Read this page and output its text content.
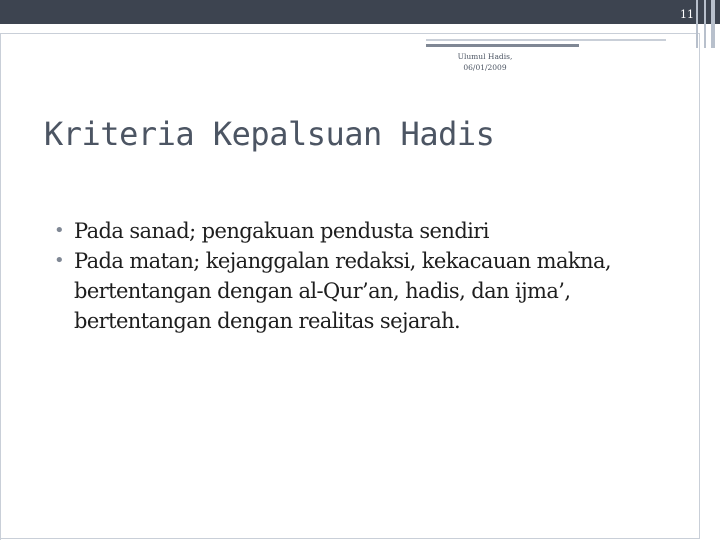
11
Ulumul Hadis,
06/01/2009
Kriteria Kepalsuan Hadis
• Pada sanad; pengakuan pendusta sendiri
• Pada matan; kejanggalan redaksi, kekacauan makna, bertentangan dengan al-Qur’an, hadis, dan ijma’, bertentangan dengan realitas sejarah.
